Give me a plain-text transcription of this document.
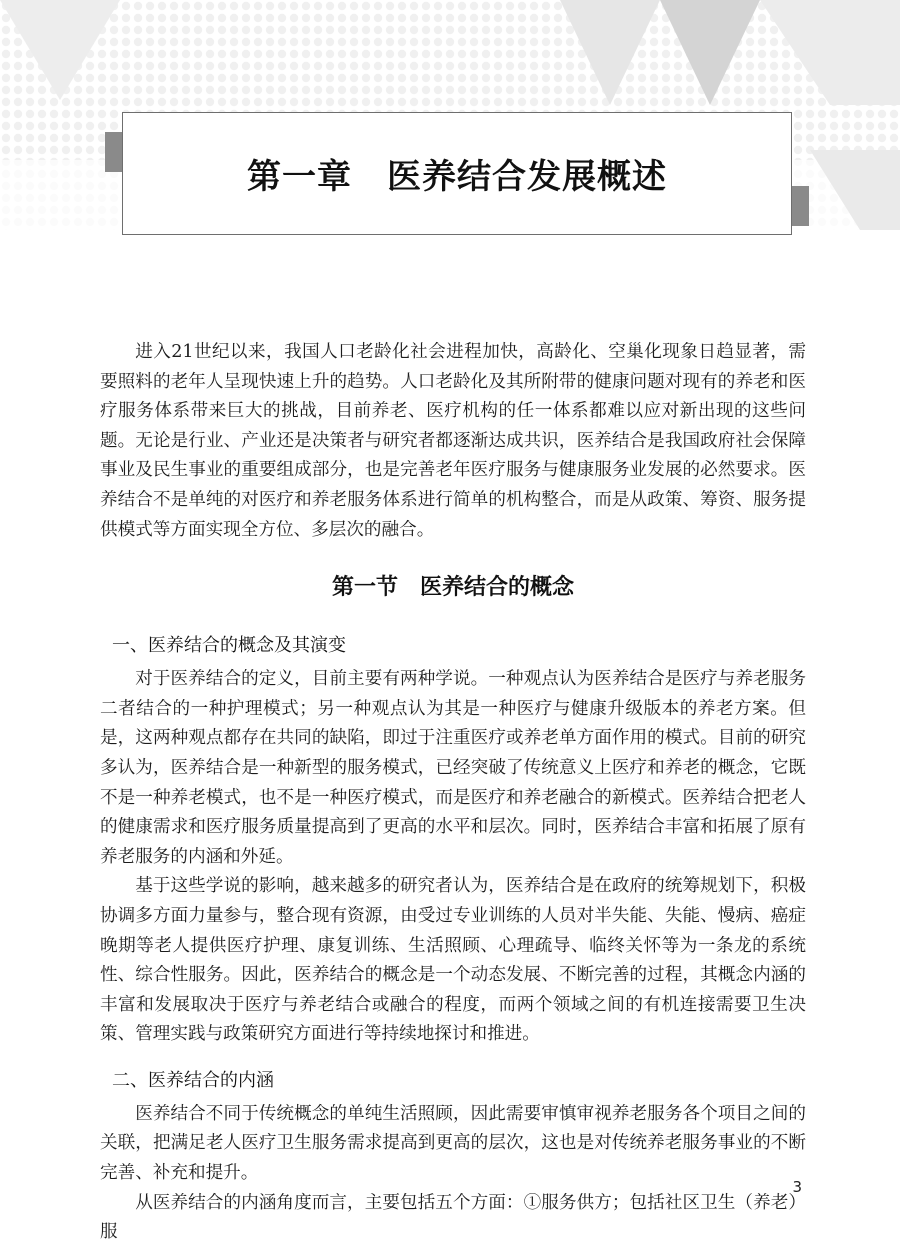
第一章　医养结合发展概述

进入21世纪以来，我国人口老龄化社会进程加快，高龄化、空巢化现象日趋显著，需要照料的老年人呈现快速上升的趋势。人口老龄化及其所附带的健康问题对现有的养老和医疗服务体系带来巨大的挑战，目前养老、医疗机构的任一体系都难以应对新出现的这些问题。无论是行业、产业还是决策者与研究者都逐渐达成共识，医养结合是我国政府社会保障事业及民生事业的重要组成部分，也是完善老年医疗服务与健康服务业发展的必然要求。医养结合不是单纯的对医疗和养老服务体系进行简单的机构整合，而是从政策、筹资、服务提供模式等方面实现全方位、多层次的融合。

第一节　医养结合的概念
一、医养结合的概念及其演变

对于医养结合的定义，目前主要有两种学说。一种观点认为医养结合是医疗与养老服务二者结合的一种护理模式；另一种观点认为其是一种医疗与健康升级版本的养老方案。但是，这两种观点都存在共同的缺陷，即过于注重医疗或养老单方面作用的模式。目前的研究多认为，医养结合是一种新型的服务模式，已经突破了传统意义上医疗和养老的概念，它既不是一种养老模式，也不是一种医疗模式，而是医疗和养老融合的新模式。医养结合把老人的健康需求和医疗服务质量提高到了更高的水平和层次。同时，医养结合丰富和拓展了原有养老服务的内涵和外延。

基于这些学说的影响，越来越多的研究者认为，医养结合是在政府的统筹规划下，积极协调多方面力量参与，整合现有资源，由受过专业训练的人员对半失能、失能、慢病、癌症晚期等老人提供医疗护理、康复训练、生活照顾、心理疏导、临终关怀等为一条龙的系统性、综合性服务。因此，医养结合的概念是一个动态发展、不断完善的过程，其概念内涵的丰富和发展取决于医疗与养老结合或融合的程度，而两个领域之间的有机连接需要卫生决策、管理实践与政策研究方面进行等持续地探讨和推进。

二、医养结合的内涵

医养结合不同于传统概念的单纯生活照顾，因此需要审慎审视养老服务各个项目之间的关联，把满足老人医疗卫生服务需求提高到更高的层次，这也是对传统养老服务事业的不断完善、补充和提升。

从医养结合的内涵角度而言，主要包括五个方面：①服务供方；包括社区卫生（养老）服

3
